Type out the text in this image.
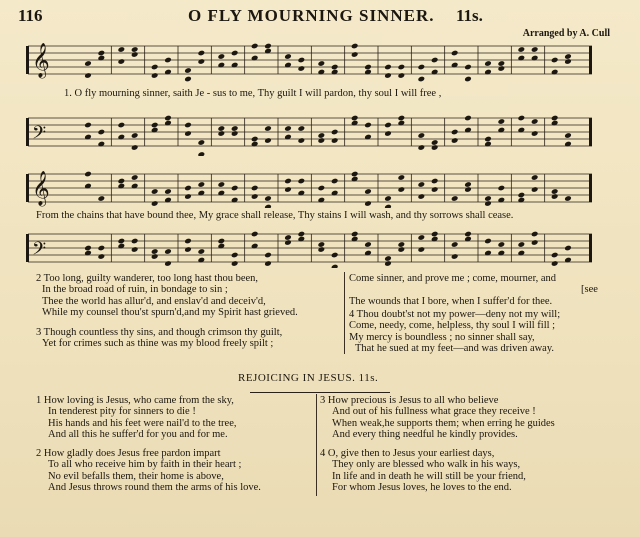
116	O FLY MOURNING SINNER. 11s.
Arranged by A. Cull
𝄞
𝄢
1. O fly mourning sinner, saith Je - sus to me, Thy guilt I will pardon, thy soul I will free ,
𝄞
𝄢
From the chains that have bound thee, My grace shall release, Thy stains I will wash, and thy sorrows shall cease.
2 Too long, guilty wanderer, too long hast thou been,
In the broad road of ruin, in bondage to sin ;
Thee the world has allur'd, and enslav'd and deceiv'd,
While my counsel thou'st spurn'd,and my Spirit hast grieved.
3 Though countless thy sins, and though crimson thy guilt,
Yet for crimes such as thine was my blood freely spilt ;
Come sinner, and prove me ; come, mourner, and
[see
The wounds that I bore, when I suffer'd for thee.
4 Thou doubt'st not my power—deny not my will;
Come, needy, come, helpless, thy soul I will fill ;
My mercy is boundless ; no sinner shall say,
That he sued at my feet—and was driven away.
REJOICING IN JESUS. 11s.
1 How loving is Jesus, who came from the sky,
In tenderest pity for sinners to die !
His hands and his feet were nail'd to the tree,
And all this he suffer'd for you and for me.
2 How gladly does Jesus free pardon impart
To all who receive him by faith in their heart ;
No evil befalls them, their home is above,
And Jesus throws round them the arms of his love.
3 How precious is Jesus to all who believe
And out of his fullness what grace they receive !
When weak,he supports them; when erring he guides
And every thing needful he kindly provides.
4 O, give then to Jesus your earliest days,
They only are blessed who walk in his ways,
In life and in death he will still be your friend,
For whom Jesus loves, he loves to the end.
